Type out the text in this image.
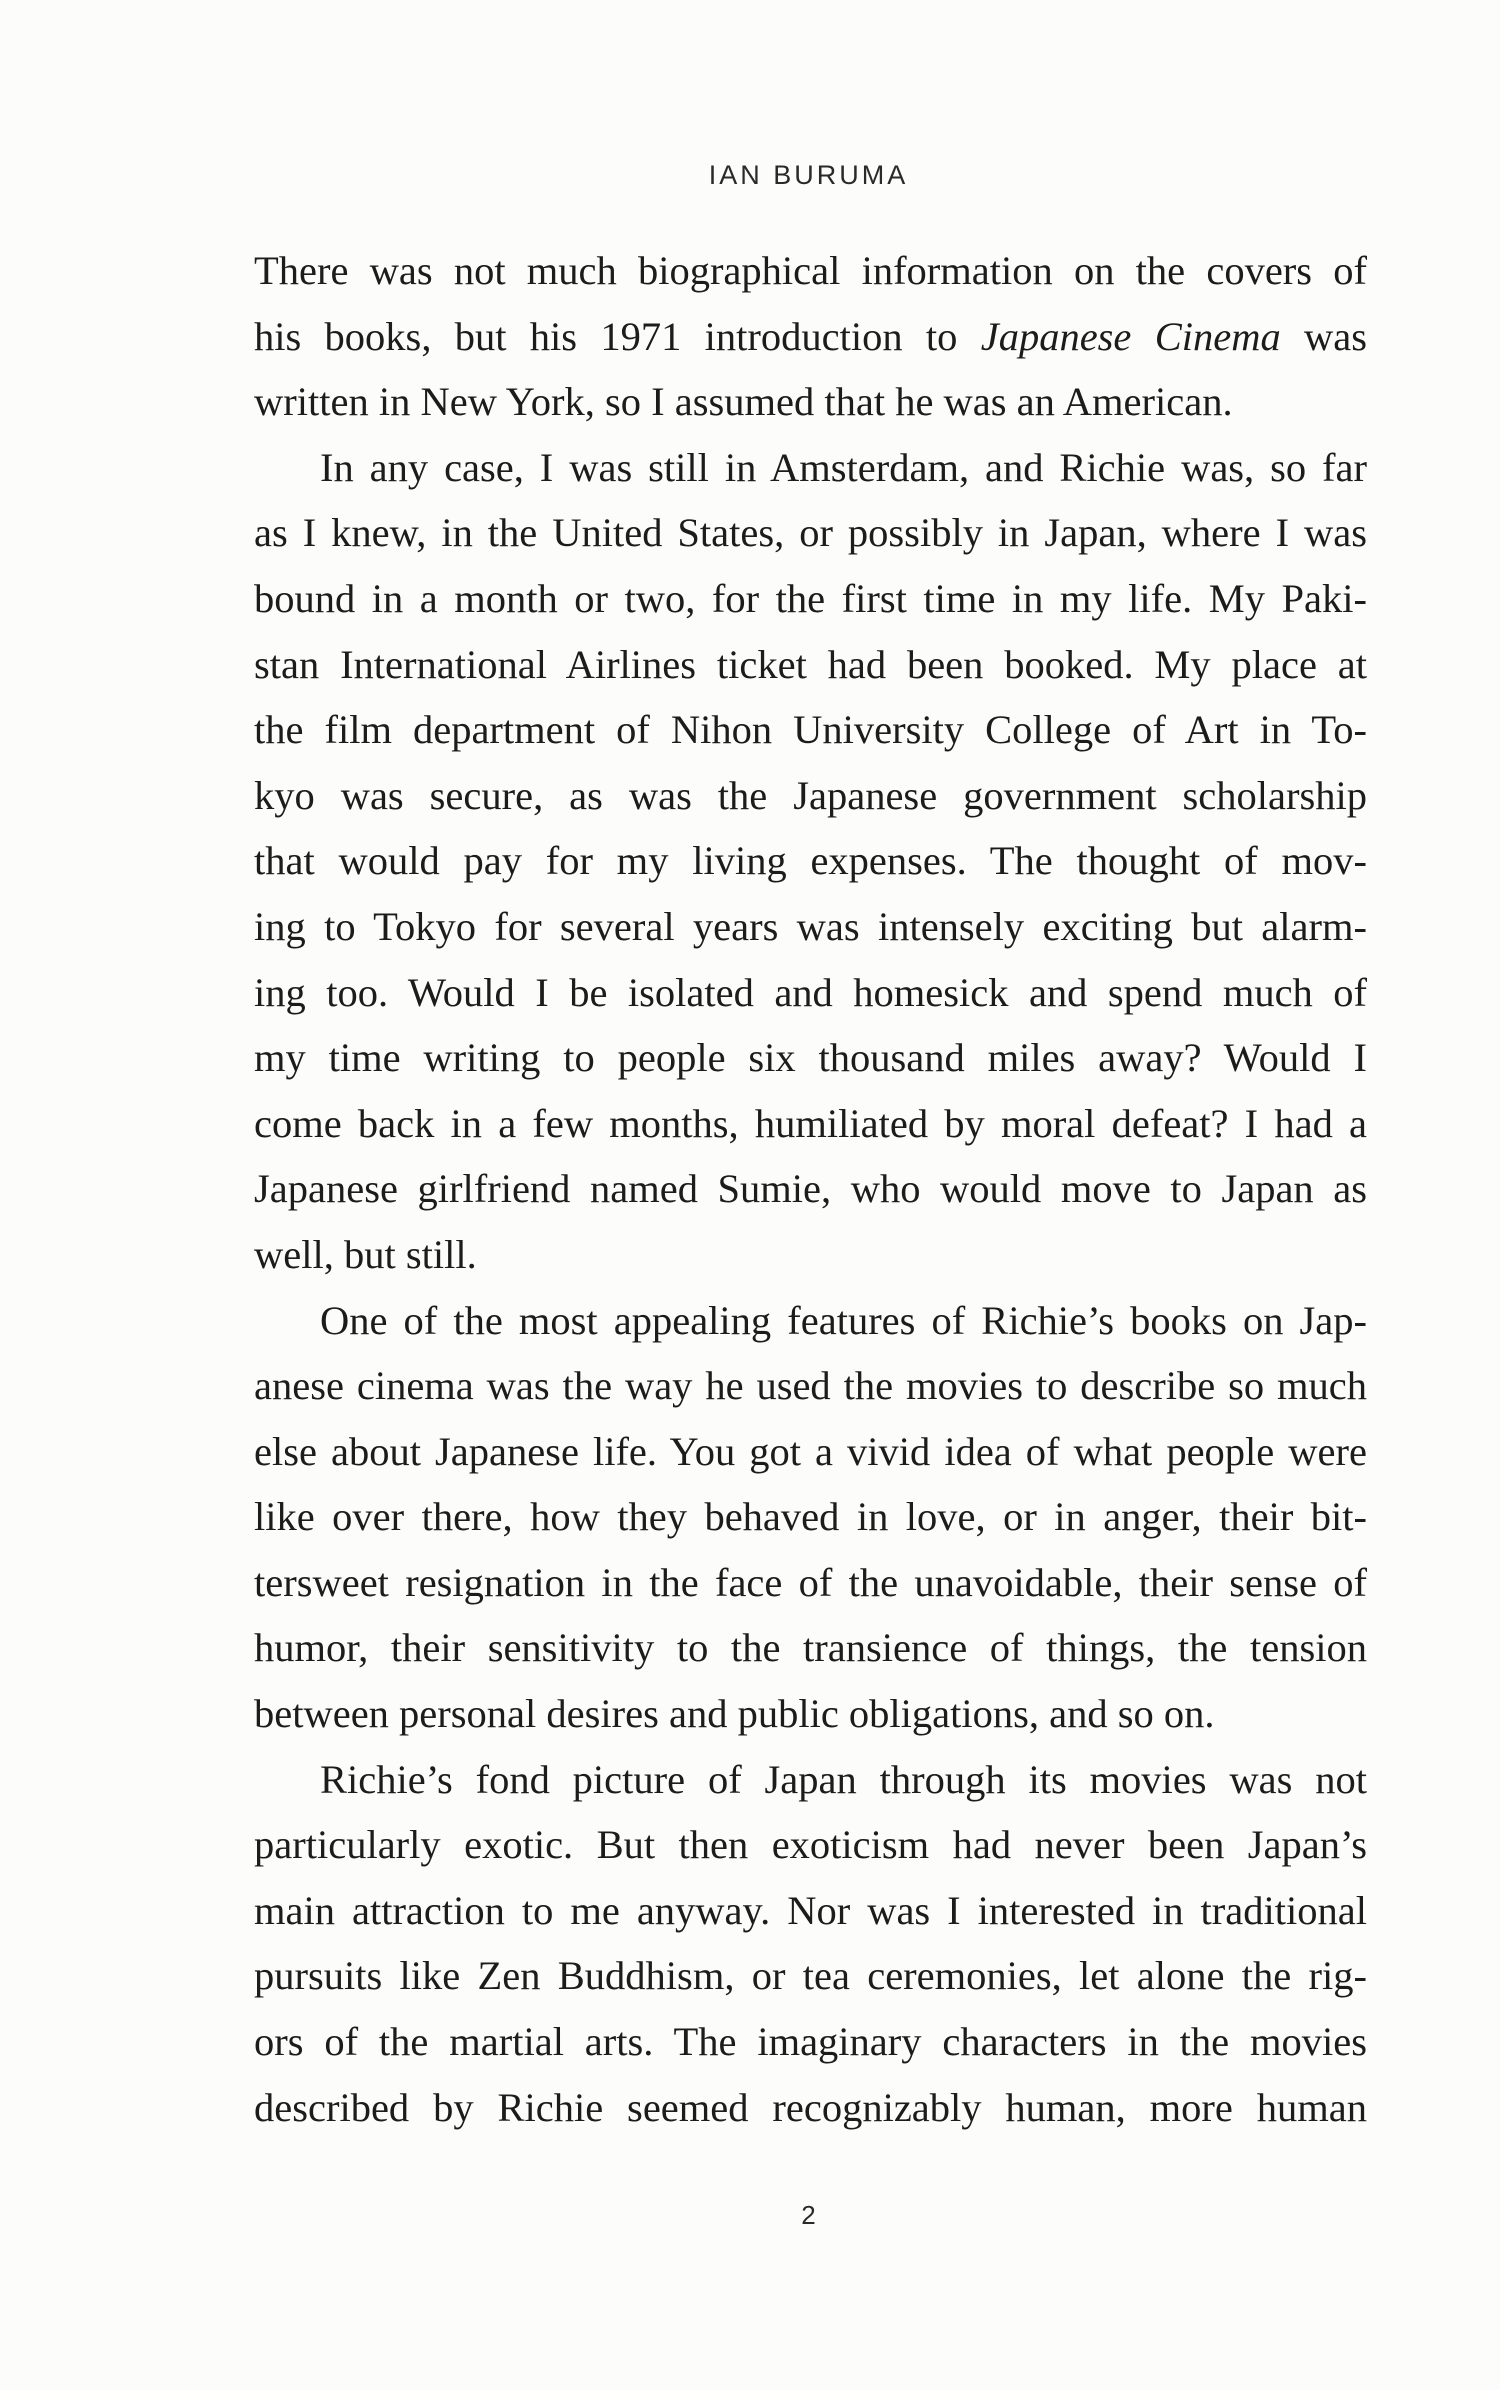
IAN BURUMA
There was not much biographical information on the covers of
his books, but his 1971 introduction to Japanese Cinema was
written in New York, so I assumed that he was an American.
In any case, I was still in Amsterdam, and Richie was, so far
as I knew, in the United States, or possibly in Japan, where I was
bound in a month or two, for the first time in my life. My Paki-
stan International Airlines ticket had been booked. My place at
the film department of Nihon University College of Art in To-
kyo was secure, as was the Japanese government scholarship
that would pay for my living expenses. The thought of mov-
ing to Tokyo for several years was intensely exciting but alarm-
ing too. Would I be isolated and homesick and spend much of
my time writing to people six thousand miles away? Would I
come back in a few months, humiliated by moral defeat? I had a
Japanese girlfriend named Sumie, who would move to Japan as
well, but still.
One of the most appealing features of Richie’s books on Jap-
anese cinema was the way he used the movies to describe so much
else about Japanese life. You got a vivid idea of what people were
like over there, how they behaved in love, or in anger, their bit-
tersweet resignation in the face of the unavoidable, their sense of
humor, their sensitivity to the transience of things, the tension
between personal desires and public obligations, and so on.
Richie’s fond picture of Japan through its movies was not
particularly exotic. But then exoticism had never been Japan’s
main attraction to me anyway. Nor was I interested in traditional
pursuits like Zen Buddhism, or tea ceremonies, let alone the rig-
ors of the martial arts. The imaginary characters in the movies
described by Richie seemed recognizably human, more human
2
